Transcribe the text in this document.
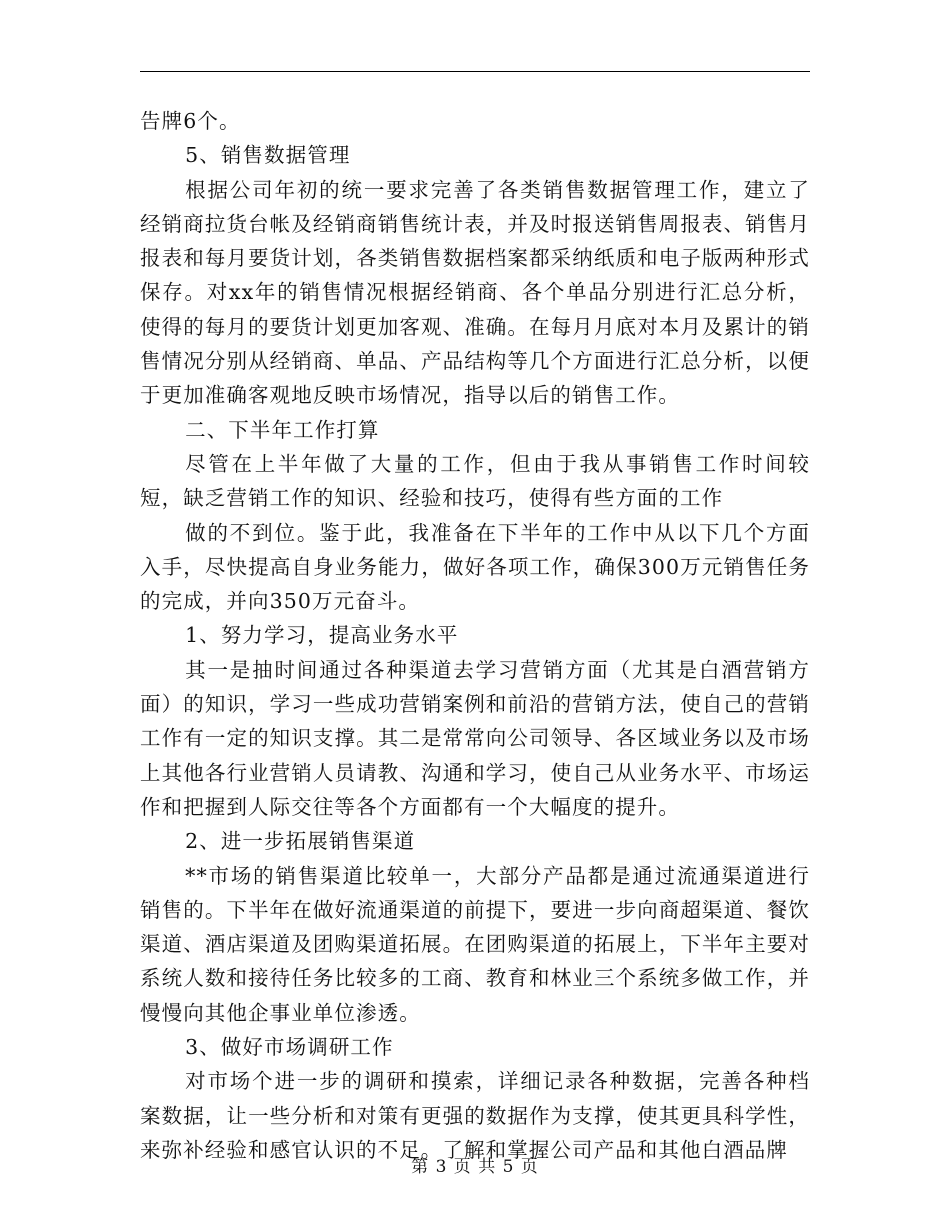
告牌6个。

5、销售数据管理

根据公司年初的统一要求完善了各类销售数据管理工作，建立了经销商拉货台帐及经销商销售统计表，并及时报送销售周报表、销售月报表和每月要货计划，各类销售数据档案都采纳纸质和电子版两种形式保存。对xx年的销售情况根据经销商、各个单品分别进行汇总分析，使得的每月的要货计划更加客观、准确。在每月月底对本月及累计的销售情况分别从经销商、单品、产品结构等几个方面进行汇总分析，以便于更加准确客观地反映市场情况，指导以后的销售工作。

二、下半年工作打算

尽管在上半年做了大量的工作，但由于我从事销售工作时间较短，缺乏营销工作的知识、经验和技巧，使得有些方面的工作

做的不到位。鉴于此，我准备在下半年的工作中从以下几个方面入手，尽快提高自身业务能力，做好各项工作，确保300万元销售任务的完成，并向350万元奋斗。

1、努力学习，提高业务水平

其一是抽时间通过各种渠道去学习营销方面（尤其是白酒营销方面）的知识，学习一些成功营销案例和前沿的营销方法，使自己的营销工作有一定的知识支撑。其二是常常向公司领导、各区域业务以及市场上其他各行业营销人员请教、沟通和学习，使自己从业务水平、市场运作和把握到人际交往等各个方面都有一个大幅度的提升。

2、进一步拓展销售渠道

**市场的销售渠道比较单一，大部分产品都是通过流通渠道进行销售的。下半年在做好流通渠道的前提下，要进一步向商超渠道、餐饮渠道、酒店渠道及团购渠道拓展。在团购渠道的拓展上，下半年主要对系统人数和接待任务比较多的工商、教育和林业三个系统多做工作，并慢慢向其他企事业单位渗透。

3、做好市场调研工作

对市场个进一步的调研和摸索，详细记录各种数据，完善各种档案数据，让一些分析和对策有更强的数据作为支撑，使其更具科学性，来弥补经验和感官认识的不足。了解和掌握公司产品和其他白酒品牌

第 3 页 共 5 页
